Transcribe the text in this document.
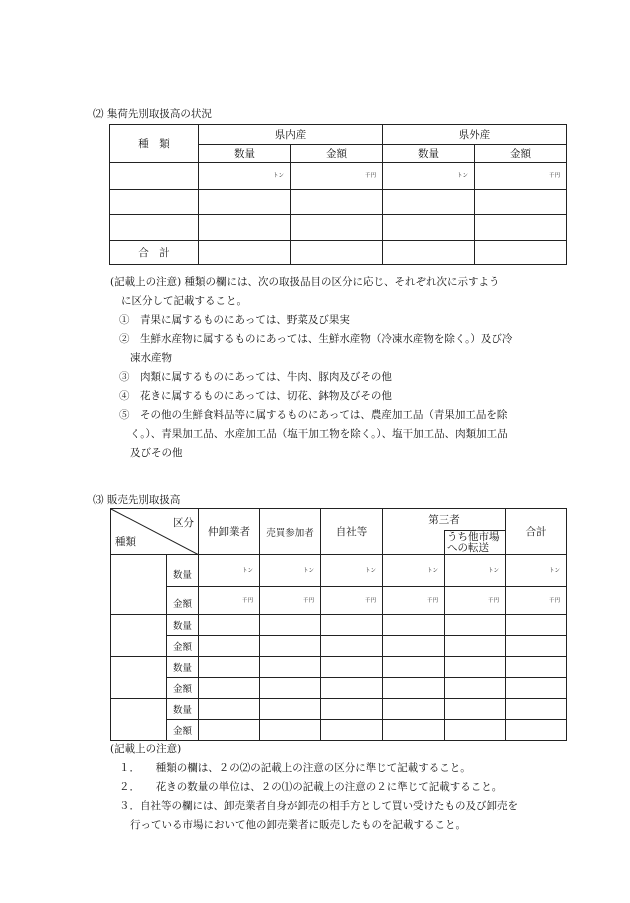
⑵ 集荷先別取扱高の状況
種　類	県内産		県外産	
	数量	金額	数量	金額

	トン	千円	トン	千円

合　計				

(記載上の注意) 種類の欄には、次の取扱品目の区分に応じ、それぞれ次に示すよう

に区分して記載すること。

①　青果に属するものにあっては、野菜及び果実

②　生鮮水産物に属するものにあっては、生鮮水産物（冷凍水産物を除く。）及び冷

凍水産物

③　肉類に属するものにあっては、牛肉、豚肉及びその他

④　花きに属するものにあっては、切花、鉢物及びその他

⑤　その他の生鮮食料品等に属するものにあっては、農産加工品（青果加工品を除

く。）、青果加工品、水産加工品（塩干加工物を除く。）、塩干加工品、肉類加工品

及びその他

⑶ 販売先別取扱高
区分
種類		仲卸業者	売買参加者	自社等	第三者		合計
						うち他市場への転送	
	数量	トン	トン	トン	トン	トン	トン

	金額	千円	千円	千円	千円	千円	千円

	数量						
	金額						
	数量						
	金額						
	数量						
	金額						

(記載上の注意)

１．　　種類の欄は、２の⑵の記載上の注意の区分に準じて記載すること。

２．　　花きの数量の単位は、２の⑴の記載上の注意の２に準じて記載すること。

３．自社等の欄には、卸売業者自身が卸売の相手方として買い受けたもの及び卸売を

行っている市場において他の卸売業者に販売したものを記載すること。
